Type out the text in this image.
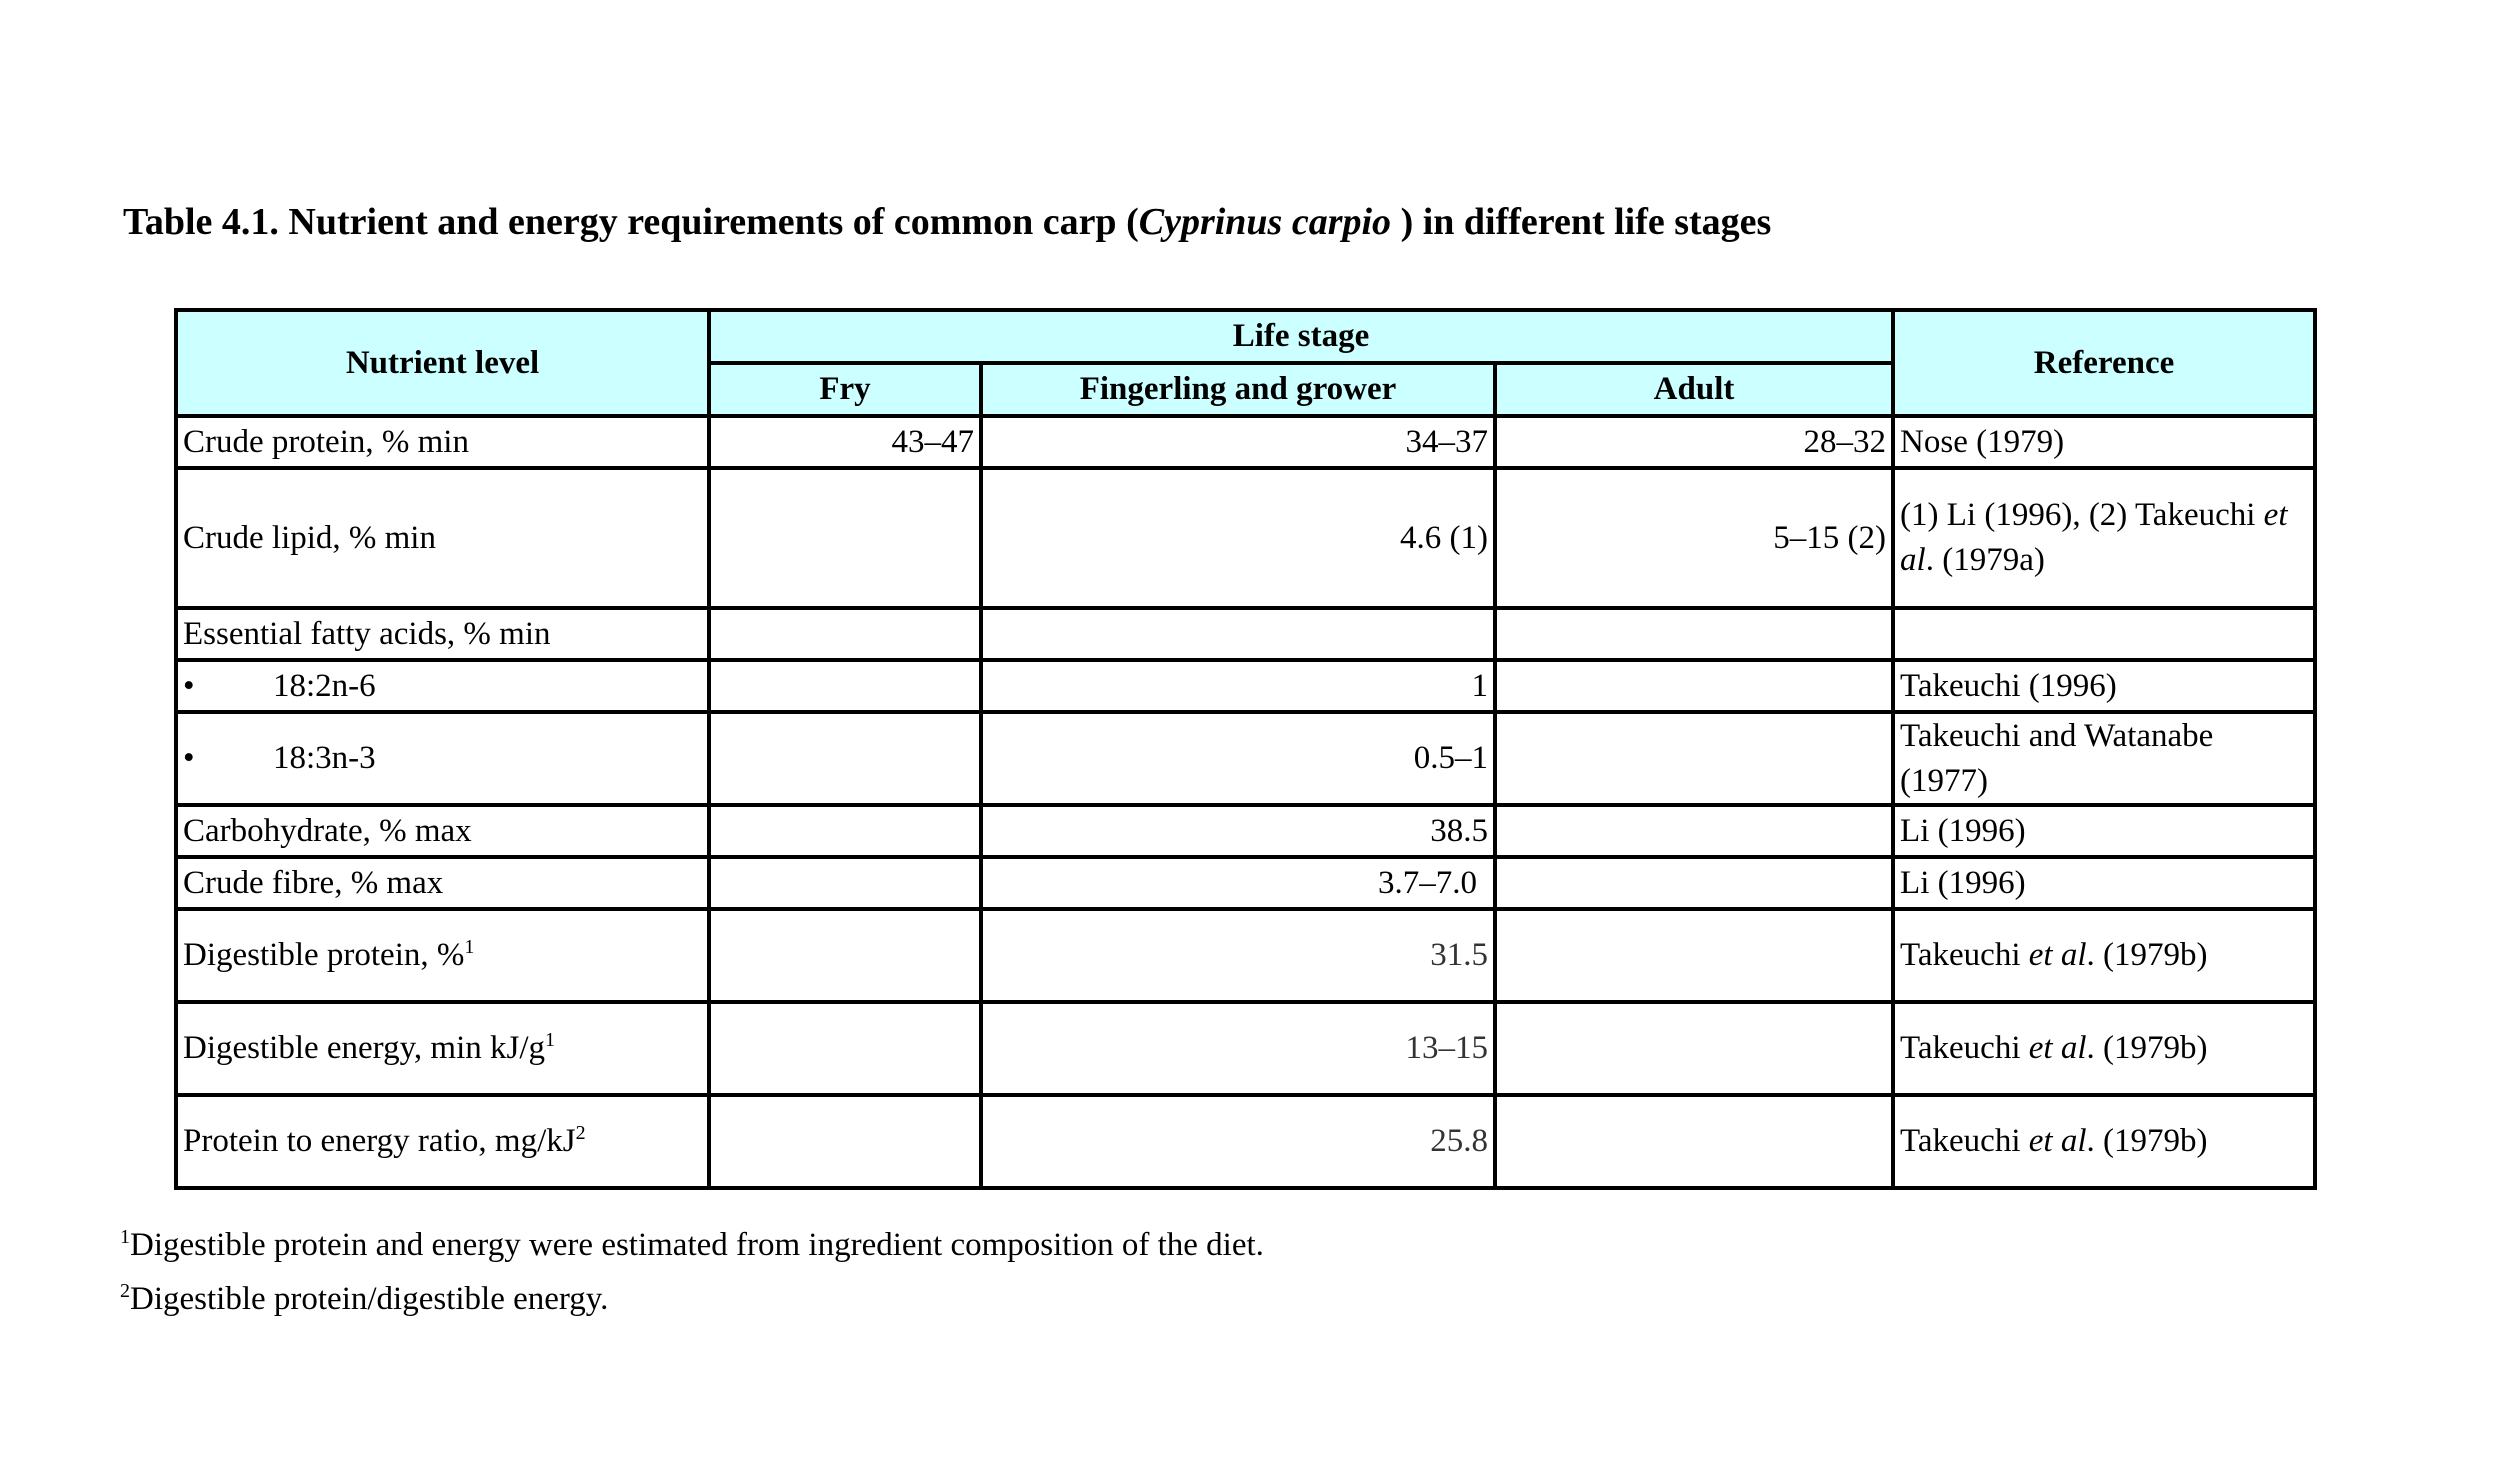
Table 4.1. Nutrient and energy requirements of common carp (Cyprinus carpio ) in different life stages
Nutrient level	Life stage			Reference
	Fry	Fingerling and grower	Adult	
Crude protein, % min	43–47	34–37	28–32	Nose (1979)
Crude lipid, % min		4.6 (1)	5–15 (2)	(1) Li (1996), (2) Takeuchi et al. (1979a)
Essential fatty acids, % min				
• 18:2n-6		1		Takeuchi (1996)
• 18:3n-3		0.5–1		Takeuchi and Watanabe (1977)
Carbohydrate, % max		38.5		Li (1996)
Crude fibre, % max		3.7–7.0		Li (1996)
Digestible protein, %$^1$		31.5		Takeuchi et al. (1979b)
Digestible energy, $\min kJ/g^1$		13–15		Takeuchi et al. (1979b)
Protein to energy ratio, $mg/kJ^2$		25.8		Takeuchi et al. (1979b)
$^1$Digestible protein and energy were estimated from ingredient composition of the diet.
$^2$Digestible protein/digestible energy.
